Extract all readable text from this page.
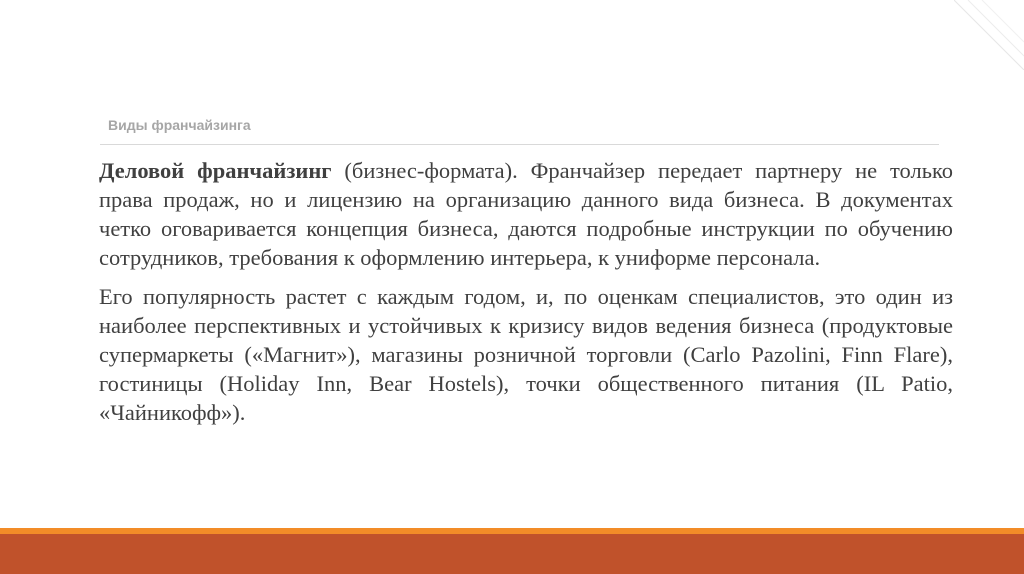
Виды франчайзинга

Деловой франчайзинг (бизнес-формата). Франчайзер передает партнеру не только права продаж, но и лицензию на организацию данного вида бизнеса. В документах четко оговаривается концепция бизнеса, даются подробные инструкции по обучению сотрудников, требования к оформлению интерьера, к униформе персонала.

Его популярность растет с каждым годом, и, по оценкам специалистов, это один из наиболее перспективных и устойчивых к кризису видов ведения бизнеса (продуктовые супермаркеты («Магнит»), магазины розничной торговли (Carlo Pazolini, Finn Flare), гостиницы (Holiday Inn, Bear Hostels), точки общественного питания (IL Patio, «Чайникофф»).
